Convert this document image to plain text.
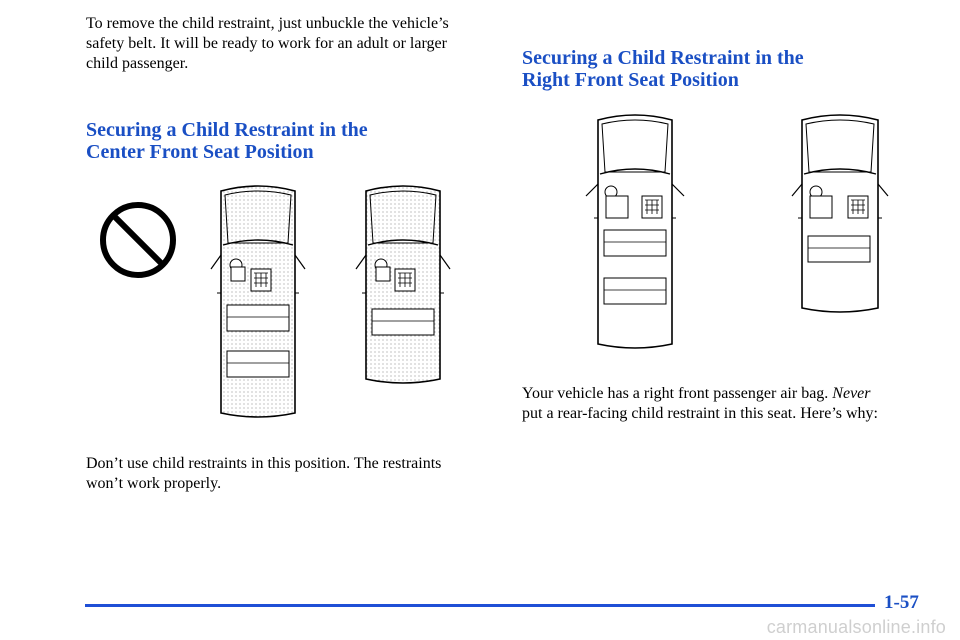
To remove the child restraint, just unbuckle the vehicle’s

safety belt. It will be ready to work for an adult or larger

child passenger.

Securing a Child Restraint in the
Center Front Seat Position

Don’t use child restraints in this position. The restraints

won’t work properly.

Securing a Child Restraint in the
Right Front Seat Position

Your vehicle has a right front passenger air bag. Never

put a rear-facing child restraint in this seat. Here’s why:

1-57
carmanualsonline.info
